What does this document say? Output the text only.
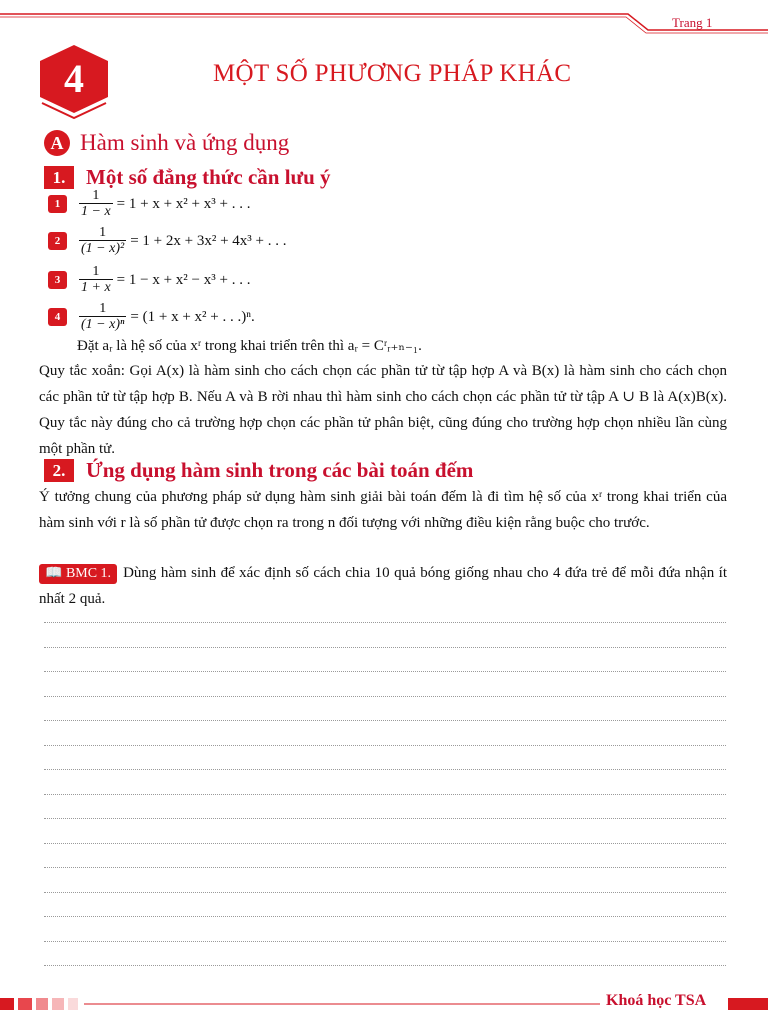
Trang 1
4	MỘT SỐ PHƯƠNG PHÁP KHÁC
A Hàm sinh và ứng dụng
1. Một số đẳng thức cần lưu ý
1	$\frac{1}{1 - x} = 1 + x + x^2 + x^3$ + . . .
2	$\frac{1}{\text{(1 − x)²}} = 1 + 2x + 3x^2 + 4x^3$ + . . .
3	$\frac{1}{1 + x} = 1 - x + x^2 - x^3$ + . . .
4	$\frac{1}{\text{(1 − x)ⁿ}} = (1 + x + x^2$ + . . .)ⁿ.
Đặt aᵣ là hệ số của xʳ trong khai triển trên thì aᵣ = Cʳᵣ₊ₙ₋₁.
Quy tắc xoắn: Gọi A(x) là hàm sinh cho cách chọn các phần tử từ tập hợp A và B(x) là hàm sinh cho cách chọn các phần tử từ tập hợp B. Nếu A và B rời nhau thì hàm sinh cho cách chọn các phần tử từ tập A ∪ B là A(x)B(x). Quy tắc này đúng cho cả trường hợp chọn các phần tử phân biệt, cũng đúng cho trường hợp chọn nhiều lần cùng một phần tử.
2. Ứng dụng hàm sinh trong các bài toán đếm
Ý tưởng chung của phương pháp sử dụng hàm sinh giải bài toán đếm là đi tìm hệ số của xʳ trong khai triển của hàm sinh với r là số phần tử được chọn ra trong n đối tượng với những điều kiện rằng buộc cho trước.
📖 BMC 1. Dùng hàm sinh để xác định số cách chia 10 quả bóng giống nhau cho 4 đứa trẻ để mỗi đứa nhận ít nhất 2 quả.
Khoá học TSA
